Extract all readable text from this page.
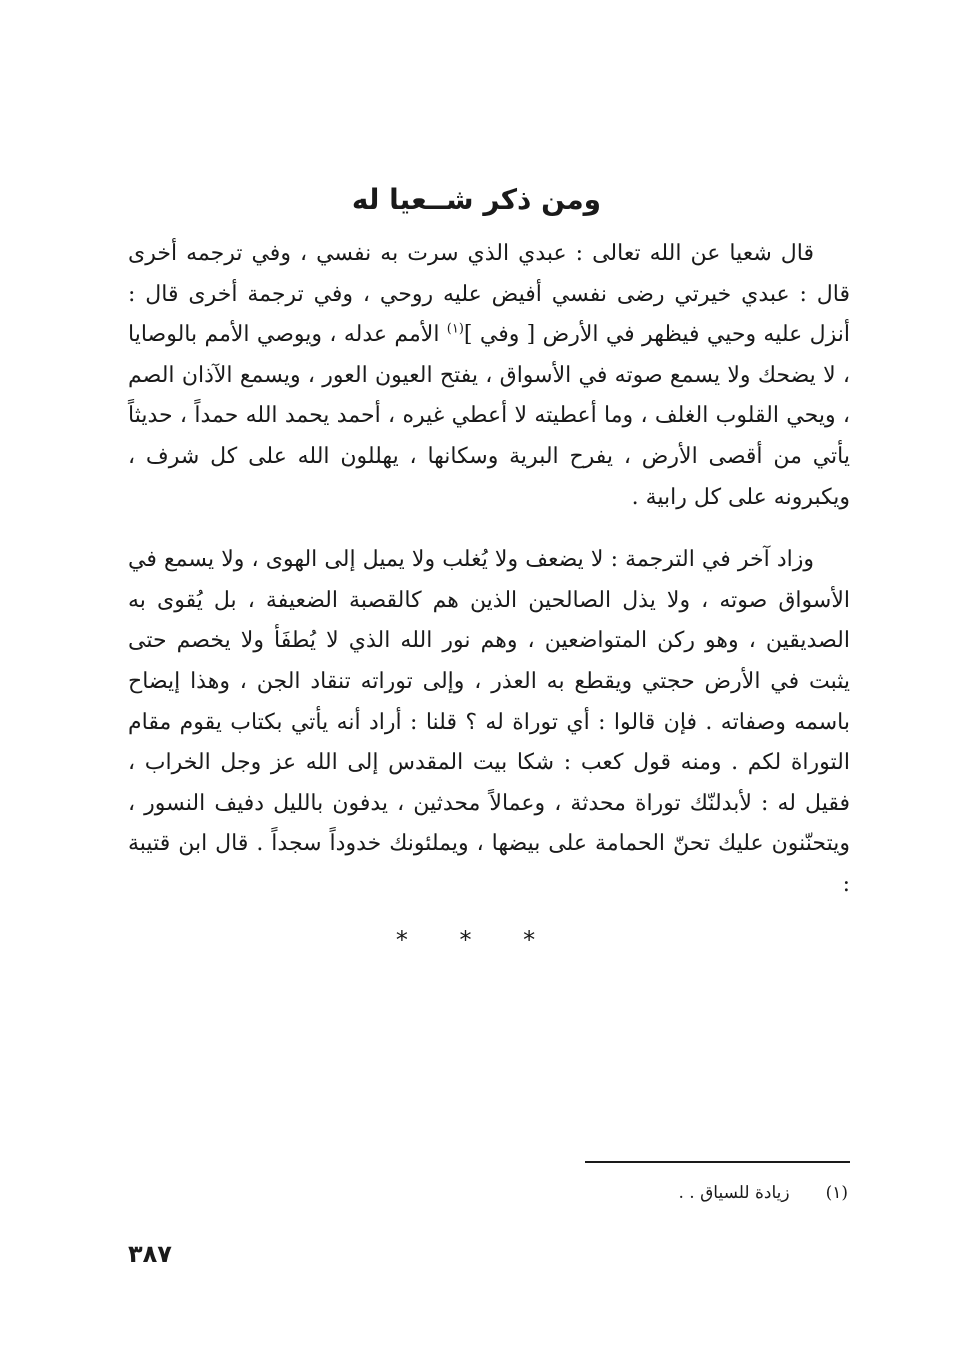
ومن ذكر شــعيا له

قال شعيا عن الله تعالى : عبدي الذي سرت به نفسي ، وفي ترجمه أخرى قال : عبدي خيرتي رضى نفسي أفيض عليه روحي ، وفي ترجمة أخرى قال : أنزل عليه وحيي فيظهر في الأرض [ وفي ]$^{(١)}$ الأمم عدله ، ويوصي الأمم بالوصايا ، لا يضحك ولا يسمع صوته في الأسواق ، يفتح العيون العور ، ويسمع الآذان الصم ، ويحي القلوب الغلف ، وما أعطيته لا أعطي غيره ، أحمد يحمد الله حمداً ، حديثاً يأتي من أقصى الأرض ، يفرح البرية وسكانها ، يهللون الله على كل شرف ، ويكبرونه على كل رابية .

وزاد آخر في الترجمة : لا يضعف ولا يُغلب ولا يميل إلى الهوى ، ولا يسمع في الأسواق صوته ، ولا يذل الصالحين الذين هم كالقصبة الضعيفة ، بل يُقوى به الصديقين ، وهو ركن المتواضعين ، وهم نور الله الذي لا يُطفَأ ولا يخصم حتى يثبت في الأرض حجتي ويقطع به العذر ، وإلى توراته تنقاد الجن ، وهذا إيضاح باسمه وصفاته . فإن قالوا : أي توراة له ؟ قلنا : أراد أنه يأتي بكتاب يقوم مقام التوراة لكم . ومنه قول كعب : شكا بيت المقدس إلى الله عز وجل الخراب ، فقيل له : لأبدلنّك توراة محدثة ، وعمالاً محدثين ، يدفون بالليل دفيف النسور ، ويتحنّنون عليك تحنّ الحمامة على بيضها ، ويملئونك خدوداً سجداً . قال ابن قتيبة :

* * *
(١)زيادة للسياق . .
٣٨٧
